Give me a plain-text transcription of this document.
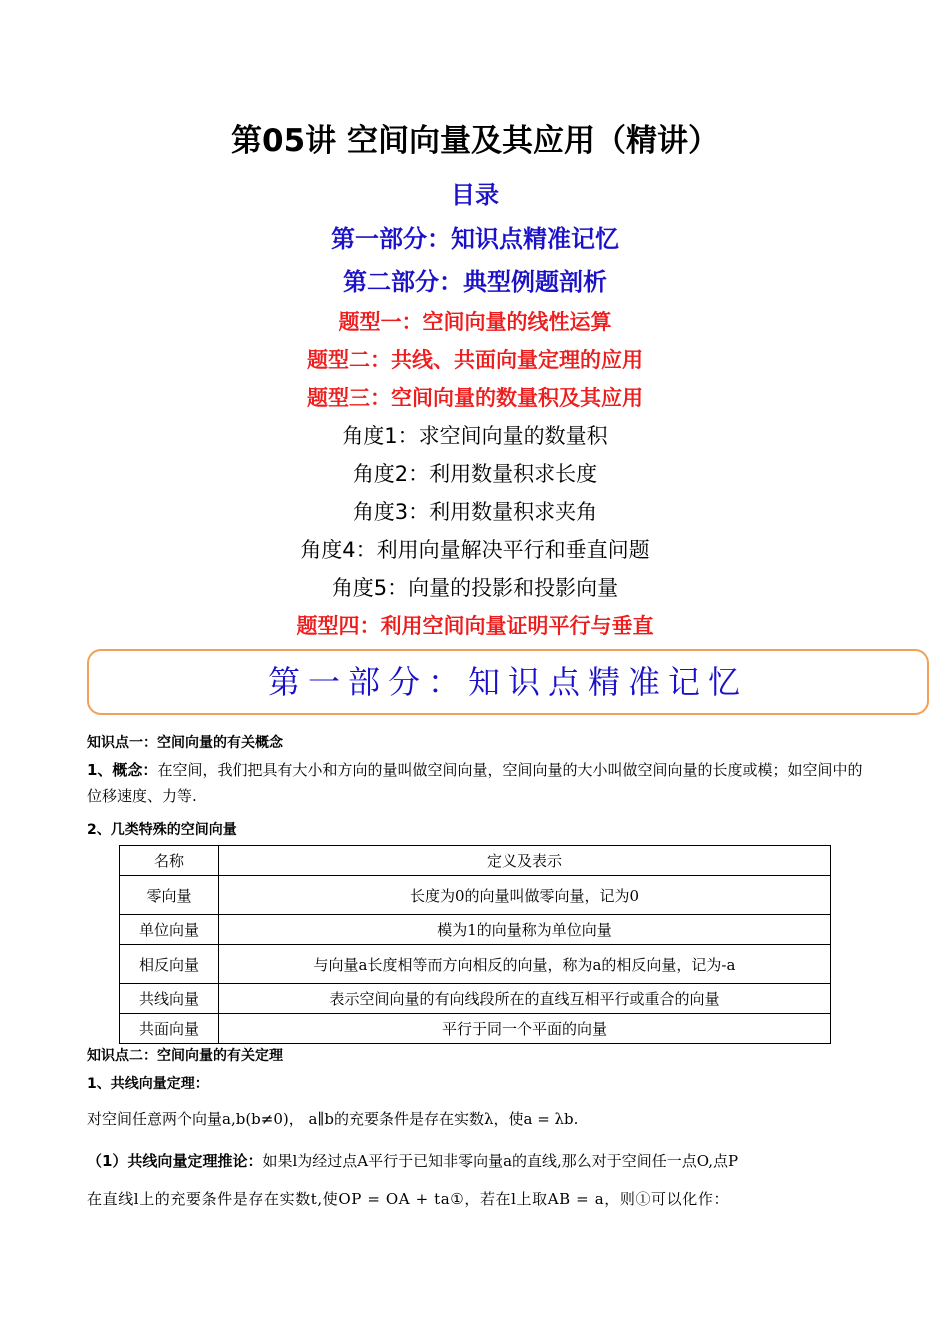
第05讲 空间向量及其应用（精讲）
目录
第一部分：知识点精准记忆
第二部分：典型例题剖析
题型一：空间向量的线性运算
题型二：共线、共面向量定理的应用
题型三：空间向量的数量积及其应用
角度1：求空间向量的数量积
角度2：利用数量积求长度
角度3：利用数量积求夹角
角度4：利用向量解决平行和垂直问题
角度5：向量的投影和投影向量
题型四：利用空间向量证明平行与垂直
第一部分：知识点精准记忆
知识点一：空间向量的有关概念
1、概念：在空间，我们把具有大小和方向的量叫做空间向量，空间向量的大小叫做空间向量的长度或模；如空间中的位移速度、力等.
2、几类特殊的空间向量
名称	定义及表示
零向量	长度为0的向量叫做零向量，记为0
单位向量	模为1的向量称为单位向量
相反向量	与向量a长度相等而方向相反的向量，称为a的相反向量，记为-a
共线向量	表示空间向量的有向线段所在的直线互相平行或重合的向量
共面向量	平行于同一个平面的向量
知识点二：空间向量的有关定理
1、共线向量定理：
对空间任意两个向量a,b(b≠0)， a∥b的充要条件是存在实数λ，使a = λb.
（1）共线向量定理推论：如果l为经过点A平行于已知非零向量a的直线,那么对于空间任一点O,点P
在直线l上的充要条件是存在实数t,使OP = OA + ta①，若在l上取AB = a，则①可以化作：
